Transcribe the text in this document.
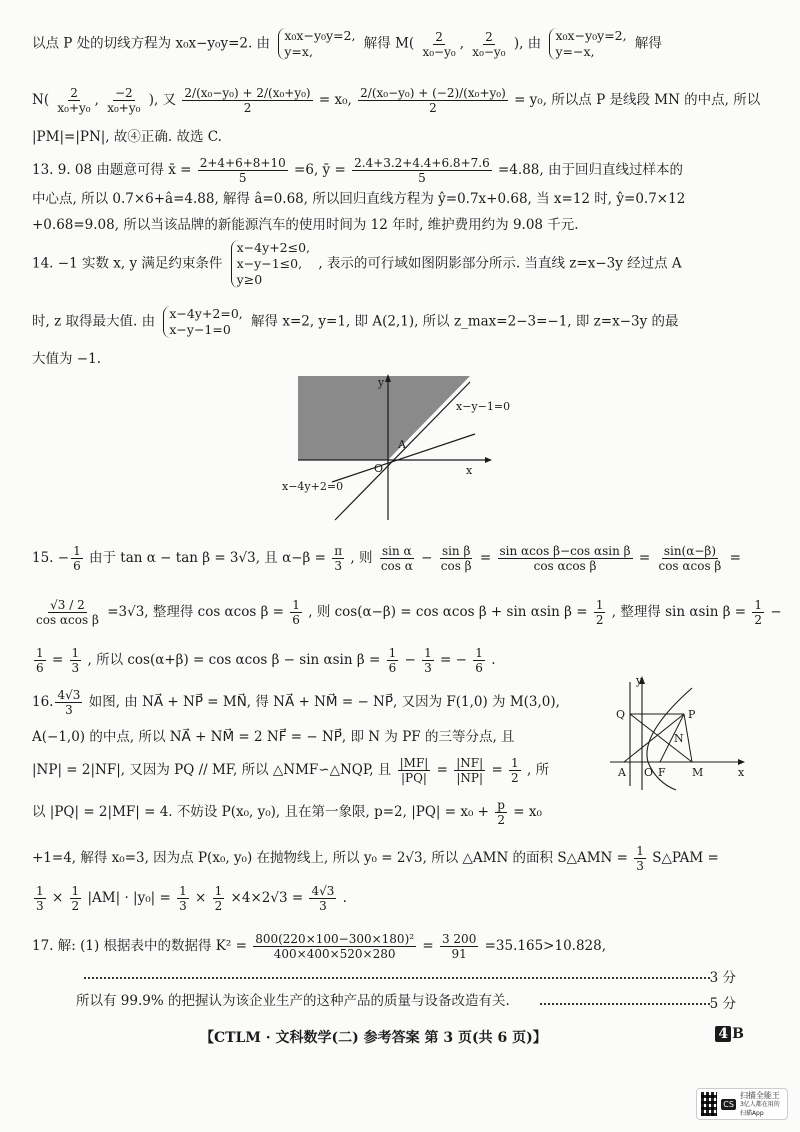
以点 P 处的切线方程为 x₀x−y₀y=2. 由 x₀x−y₀y=2,
y=x,	解得 $M( \frac{2}{\text{x₀−y₀}}$ , $\frac{2}{\text{x₀−y₀}}$ ), 由 x₀x−y₀y=2,
y=−x,	解得
$N( \frac{2}{\text{x₀+y₀}}$ , $\frac{-2}{\text{x₀+y₀}}$ ), 又 $\frac{\text{2/(x₀−y₀) + 2/(x₀+y₀)}}{2} = x_0$, $\frac{\text{2/(x₀−y₀) + (−2)/(x₀+y₀)}}{2} = y_0$, 所以点 P 是线段 MN 的中点, 所以
|PM|=|PN|, 故④正确. 故选 C.
13. 9. 08 由题意可得 x̄ = $\frac{2+4+6+8+10}{5} =6$, ȳ = $\frac{2.4+3.2+4.4+6.8+7.6}{5} =4.88$, 由于回归直线过样本的
中心点, 所以 0.7×6+â=4.88, 解得 â=0.68, 所以回归直线方程为 ŷ=0.7x+0.68, 当 x=12 时, ŷ=0.7×12
+0.68=9.08, 所以当该品牌的新能源汽车的使用时间为 12 年时, 维护费用约为 9.08 千元.
14. −1 实数 x, y 满足约束条件
x−4y+2≤0,
x−y−1≤0,
y≥0
, 表示的可行域如图阴影部分所示. 当直线 z=x−3y 经过点 A
时, z 取得最大值. 由 x−4y+2=0,
x−y−1=0	解得 x=2, y=1, 即 A(2,1), 所以 z_max=2−3=−1, 即 z=x−3y 的最
大值为 −1.
x
y
O
A
x−y−1=0
x−4y+2=0
15. − $\frac{1}{6}$ 由于 tan α − tan β = 3√3, 且 $\alpha-\beta = \frac{\pi}{3}$ , 则 $\frac{\text{sin α}}{\text{cos α}} - \frac{\text{sin β}}{\text{cos β}} = \frac{\text{sin αcos β−cos αsin β}}{\text{cos αcos β}} = \frac{\sin(\alpha-\beta)}{\text{cos αcos β}}$ =
$\frac{√3 / 2}{\text{cos αcos β}} =3√3$, 整理得 cos αcos $\beta = \frac{1}{6}$ , 则 cos(α−β) = cos αcos β + sin αsin $\beta = \frac{1}{2}$ , 整理得 sin αsin $\beta = \frac{1}{2}$ −
$\frac{1}{6} = \frac{1}{3}$ , 所以 cos(α+β) = cos αcos β − sin αsin $\beta = \frac{1}{6} - \frac{1}{3}$ = − $\frac{1}{6}$ .
16. $\frac{4√3}{3}$ 如图, 由 NA⃗ + NP⃗ = MN⃗, 得 NA⃗ + NM⃗ = − NP⃗, 又因为 F(1,0) 为 M(3,0),
A(−1,0) 的中点, 所以 NA⃗ + NM⃗ = 2 NF⃗ = − NP⃗, 即 N 为 PF 的三等分点, 且
|NP| = 2|NF|, 又因为 PQ // MF, 所以 △NMF∽△NQP, 且 $\frac{|MF|}{|PQ|} = \frac{|NF|}{|NP|} = \frac{1}{2}$ , 所
以 |PQ| = 2|MF| = 4. 不妨设 P(x₀, y₀), 且在第一象限, p=2, $|PQ| = x_0 + \frac{p}{2} = x_0$
+1=4, 解得 x₀=3, 因为点 P(x₀, y₀) 在抛物线上, 所以 y₀ = 2√3, 所以 △AMN 的面积 S△AMN = $\frac{1}{3}$ S△PAM =
$\frac{1}{3} \times \frac{1}{2} |AM| \cdot |y_0| = \frac{1}{3} \times \frac{1}{2} \times 4\times 2√3 = \frac{4√3}{3}$ .
y
x
Q	P
N
A O F M
17. 解: (1) 根据表中的数据得 $K^2 = \frac{\text{800(220×100−300×180)²}}{400\times 400\times 520\times 280} = \frac{3 200}{91} =35.165>10.828$,
3 分
所以有 99.9% 的把握认为该企业生产的这种产品的质量与设备改造有关.	5 分
【CTLM · 文科数学(二) 参考答案 第 3 页(共 6 页)】	4 B
CS
扫描全能王
3亿人都在用的扫描App
